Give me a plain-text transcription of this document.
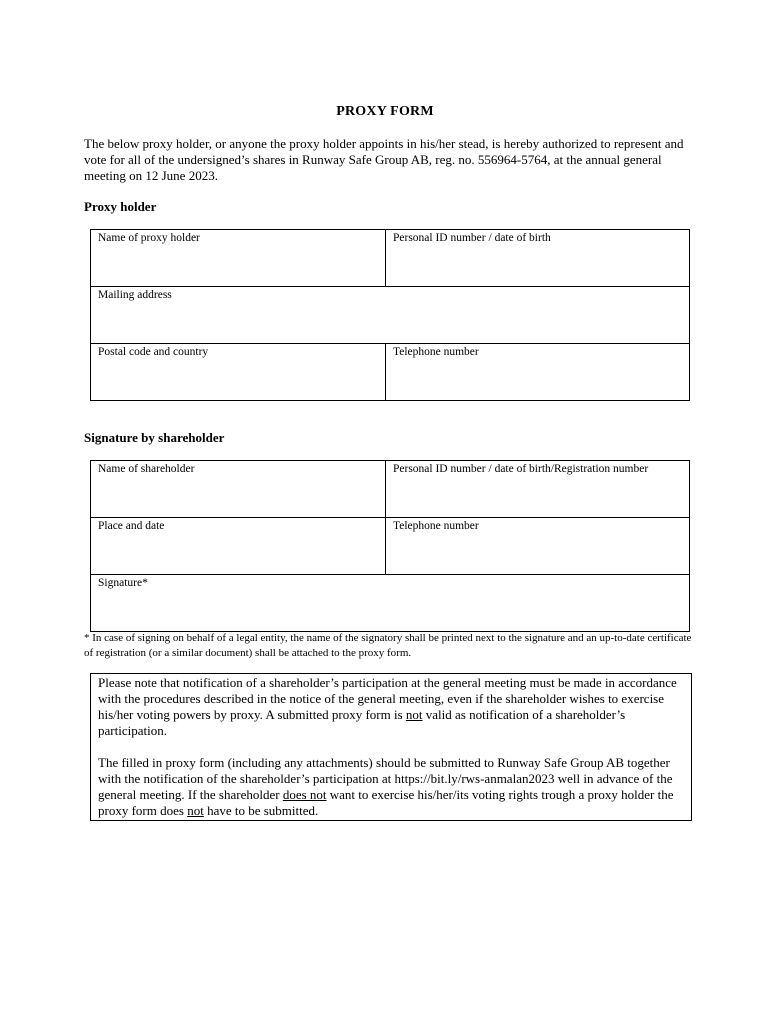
PROXY FORM
The below proxy holder, or anyone the proxy holder appoints in his/her stead, is hereby authorized to represent and vote for all of the undersigned’s shares in Runway Safe Group AB, reg. no. 556964-5764, at the annual general meeting on 12 June 2023.
Proxy holder
Name of proxy holder	Personal ID number / date of birth

Mailing address	

Postal code and country	Telephone number
Signature by shareholder
Name of shareholder	Personal ID number / date of birth/Registration number

Place and date	Telephone number

Signature*	
* In case of signing on behalf of a legal entity, the name of the signatory shall be printed next to the signature and an up-to-date certificate of registration (or a similar document) shall be attached to the proxy form.

Please note that notification of a shareholder’s participation at the general meeting must be made in accordance with the procedures described in the notice of the general meeting, even if the shareholder wishes to exercise his/her voting powers by proxy. A submitted proxy form is not valid as notification of a shareholder’s participation.

The filled in proxy form (including any attachments) should be submitted to Runway Safe Group AB together with the notification of the shareholder’s participation at https://bit.ly/rws-anmalan2023 well in advance of the general meeting. If the shareholder does not want to exercise his/her/its voting rights trough a proxy holder the proxy form does not have to be submitted.
